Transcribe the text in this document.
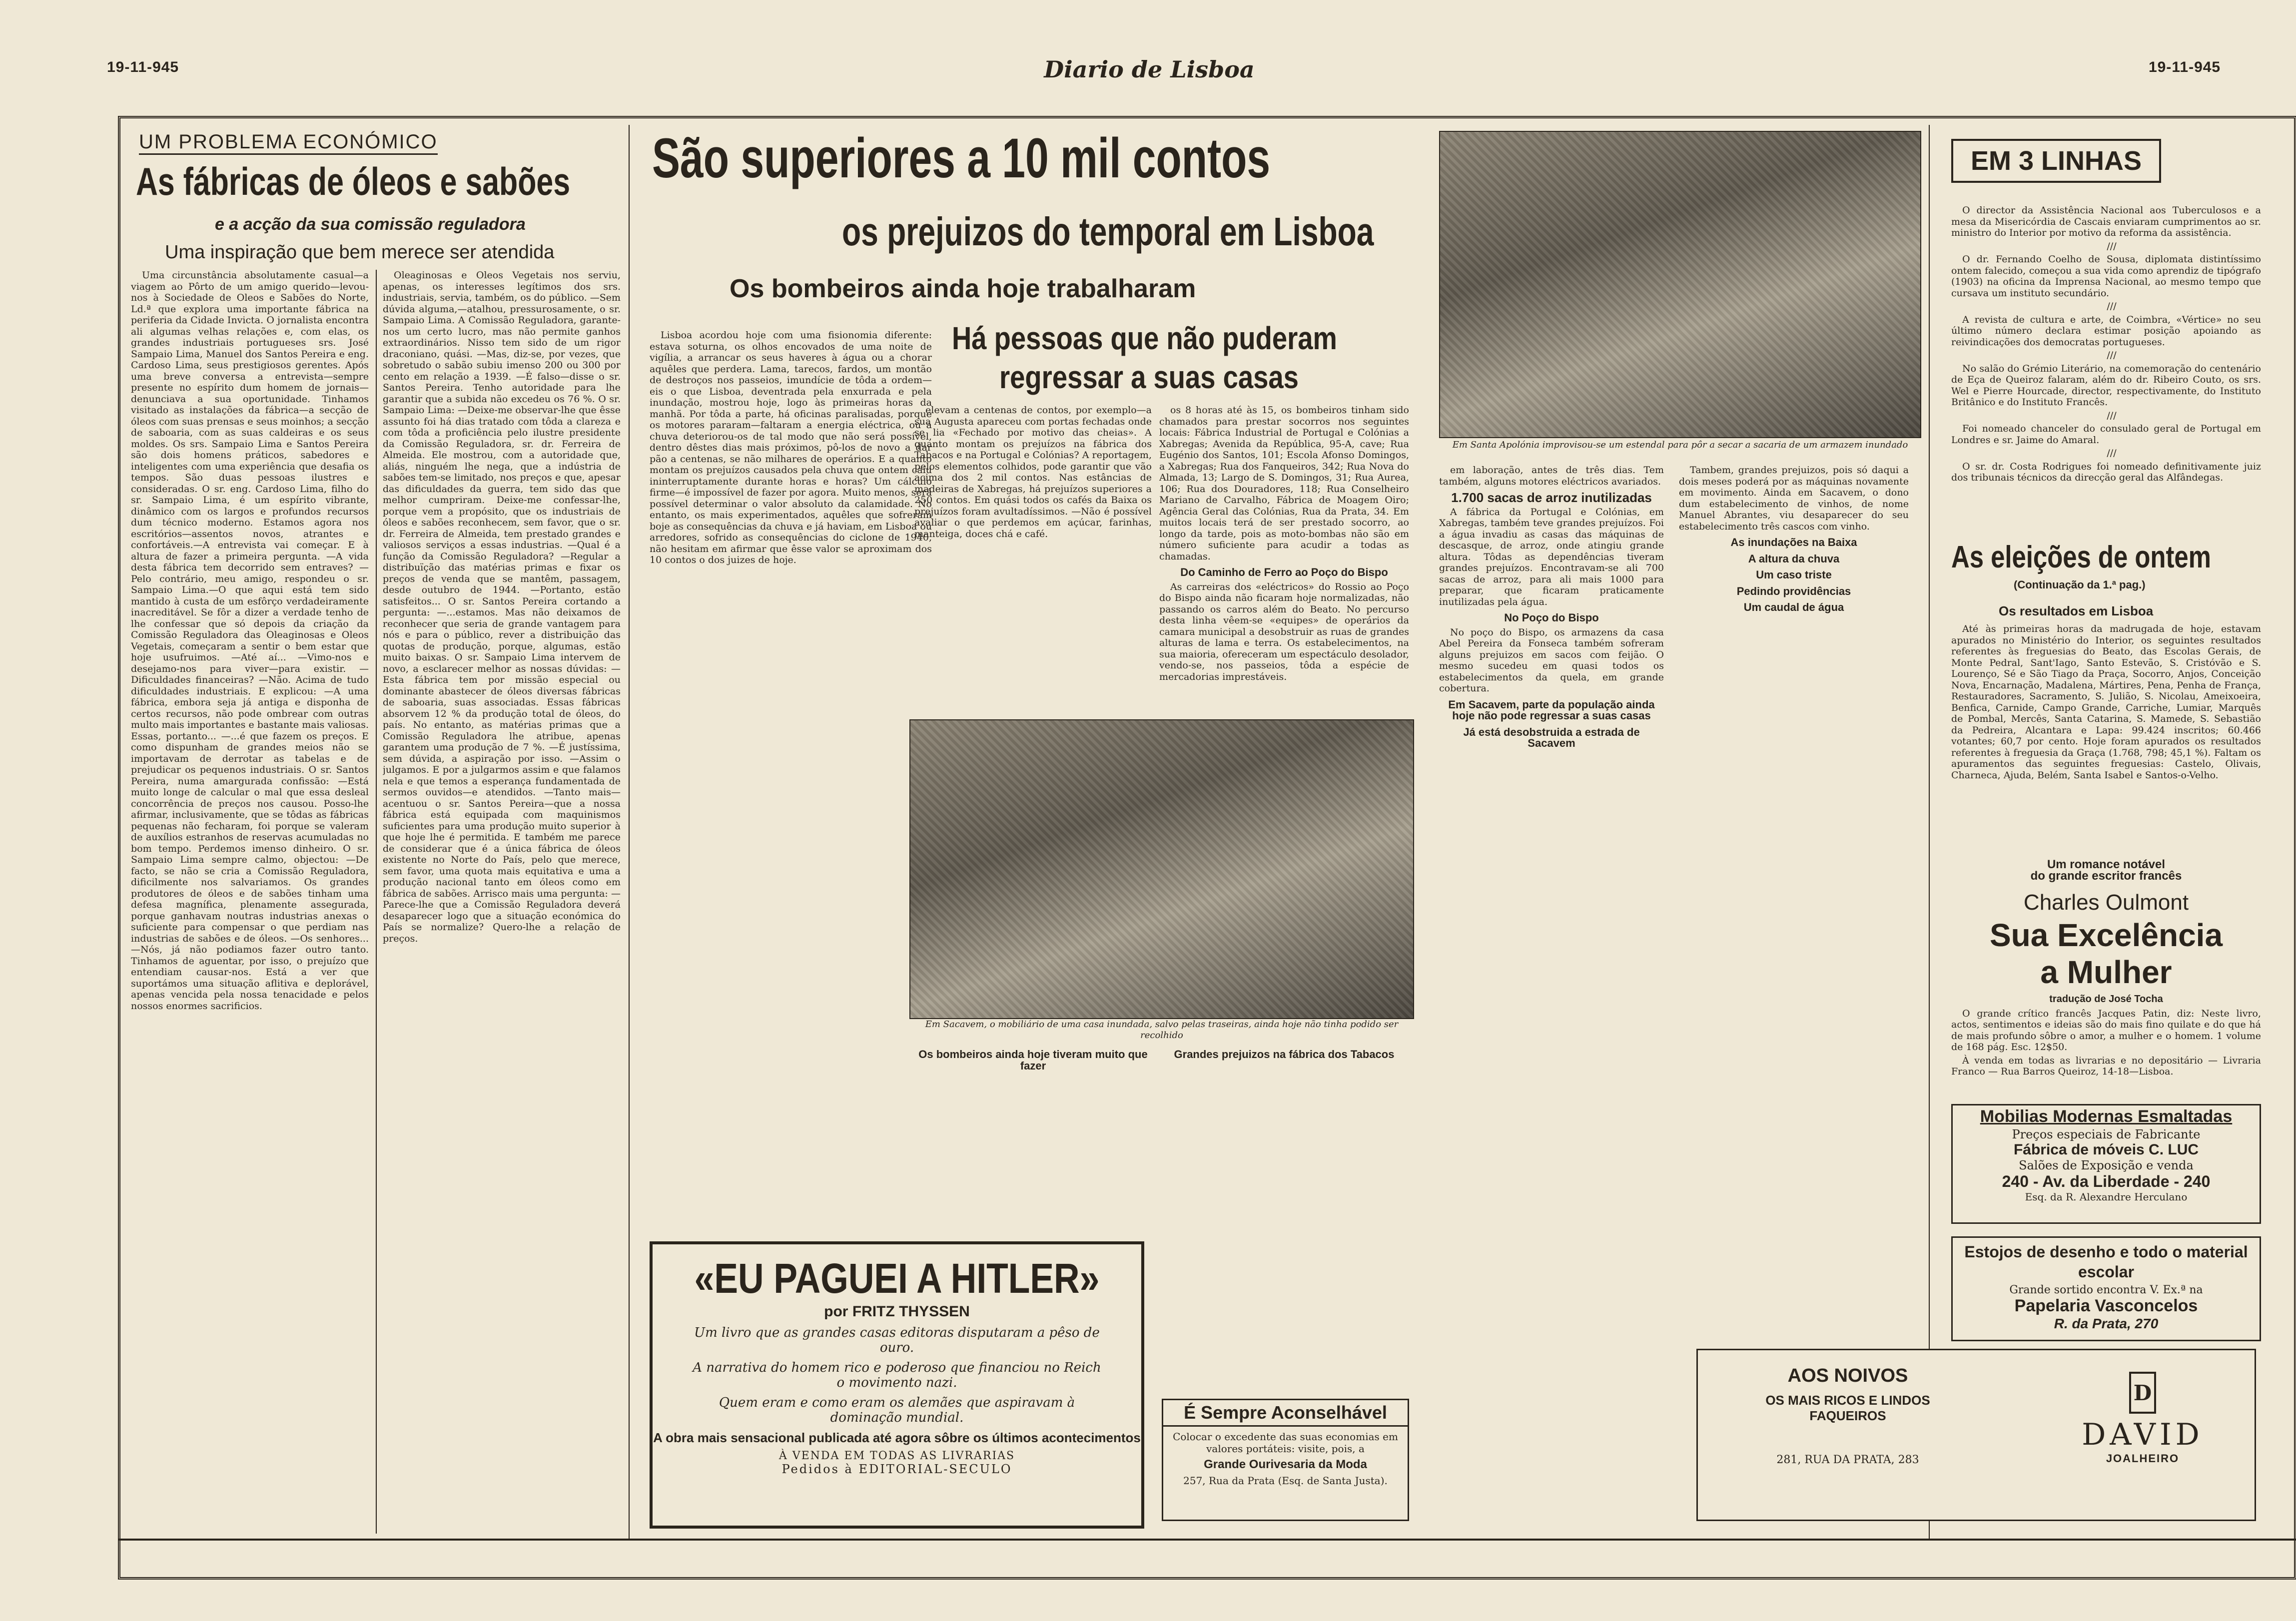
19-11-945	Diario de Lisboa	19-11-945
UM PROBLEMA ECONÓMICO
As fábricas de óleos e sabões
e a acção da sua comissão reguladora
Uma inspiração que bem merece ser atendida

Uma circunstância absolutamente casual—a viagem ao Pôrto de um amigo querido—levou-nos à Sociedade de Oleos e Sabões do Norte, Ld.ª que explora uma importante fábrica na periferia da Cidade Invicta. O jornalista encontra ali algumas velhas relações e, com elas, os grandes industriais portugueses srs. José Sampaio Lima, Manuel dos Santos Pereira e eng. Cardoso Lima, seus prestigiosos gerentes. Após uma breve conversa a entrevista—sempre presente no espírito dum homem de jornais—denunciava a sua oportunidade. Tinhamos visitado as instalações da fábrica—a secção de óleos com suas prensas e seus moinhos; a secção de saboaria, com as suas caldeiras e os seus moldes. Os srs. Sampaio Lima e Santos Pereira são dois homens práticos, sabedores e inteligentes com uma experiência que desafia os tempos. São duas pessoas ilustres e consideradas. O sr. eng. Cardoso Lima, filho do sr. Sampaio Lima, é um espírito vibrante, dinâmico com os largos e profundos recursos dum técnico moderno. Estamos agora nos escritórios—assentos novos, atrantes e confortáveis.—A entrevista vai começar. E à altura de fazer a primeira pergunta. —A vida desta fábrica tem decorrido sem entraves? —Pelo contrário, meu amigo, respondeu o sr. Sampaio Lima.—O que aqui está tem sido mantido à custa de um esfôrço verdadeiramente inacreditável. Se fôr a dizer a verdade tenho de lhe confessar que só depois da criação da Comissão Reguladora das Oleaginosas e Oleos Vegetais, começaram a sentir o bem estar que hoje usufruimos. —Até aí... —Vimo-nos e desejamo-nos para viver—para existir. —Dificuldades financeiras? —Não. Acima de tudo dificuldades industriais. E explicou: —A uma fábrica, embora seja já antiga e disponha de certos recursos, não pode ombrear com outras multo mais importantes e bastante mais valiosas. Essas, portanto... —...é que fazem os preços. E como dispunham de grandes meios não se importavam de derrotar as tabelas e de prejudicar os pequenos industriais. O sr. Santos Pereira, numa amargurada confissão: —Está muito longe de calcular o mal que essa desleal concorrência de preços nos causou. Posso-lhe afirmar, inclusivamente, que se tôdas as fábricas pequenas não fecharam, foi porque se valeram de auxílios estranhos de reservas acumuladas no bom tempo. Perdemos imenso dinheiro. O sr. Sampaio Lima sempre calmo, objectou: —De facto, se não se cria a Comissão Reguladora, dificilmente nos salvariamos. Os grandes produtores de óleos e de sabões tinham uma defesa magnífica, plenamente assegurada, porque ganhavam noutras industrias anexas o suficiente para compensar o que perdiam nas industrias de sabões e de óleos. —Os senhores... —Nós, já não podiamos fazer outro tanto. Tinhamos de aguentar, por isso, o prejuízo que entendiam causar-nos. Está a ver que suportámos uma situação aflitiva e deplorável, apenas vencida pela nossa tenacidade e pelos nossos enormes sacrificios.

Oleaginosas e Oleos Vegetais nos serviu, apenas, os interesses legítimos dos srs. industriais, servia, também, os do público. —Sem dúvida alguma,—atalhou, pressurosamente, o sr. Sampaio Lima. A Comissão Reguladora, garante-nos um certo lucro, mas não permite ganhos extraordinários. Nisso tem sido de um rigor draconiano, quási. —Mas, diz-se, por vezes, que sobretudo o sabão subiu imenso 200 ou 300 por cento em relação a 1939. —É falso—disse o sr. Santos Pereira. Tenho autoridade para lhe garantir que a subida não excedeu os 76 %. O sr. Sampaio Lima: —Deixe-me observar-lhe que êsse assunto foi há dias tratado com tôda a clareza e com tôda a proficiência pelo ilustre presidente da Comissão Reguladora, sr. dr. Ferreira de Almeida. Ele mostrou, com a autoridade que, aliás, ninguém lhe nega, que a indústria de sabões tem-se limitado, nos preços e que, apesar das dificuldades da guerra, tem sido das que melhor cumpriram. Deixe-me confessar-lhe, porque vem a propósito, que os industriais de óleos e sabões reconhecem, sem favor, que o sr. dr. Ferreira de Almeida, tem prestado grandes e valiosos serviços a essas industrias. —Qual é a função da Comissão Reguladora? —Regular a distribuïção das matérias primas e fixar os preços de venda que se mantêm, passagem, desde outubro de 1944. —Portanto, estão satisfeitos... O sr. Santos Pereira cortando a pergunta: —...estamos. Mas não deixamos de reconhecer que seria de grande vantagem para nós e para o público, rever a distribuição das quotas de produção, porque, algumas, estão muito baixas. O sr. Sampaio Lima intervem de novo, a esclarecer melhor as nossas dúvidas: —Esta fábrica tem por missão especial ou dominante abastecer de óleos diversas fábricas de saboaria, suas associadas. Essas fábricas absorvem 12 % da produção total de óleos, do país. No entanto, as matérias primas que a Comissão Reguladora lhe atribue, apenas garantem uma produção de 7 %. —É justíssima, sem dúvida, a aspiração por isso. —Assim o julgamos. E por a julgarmos assim e que falamos nela e que temos a esperança fundamentada de sermos ouvidos—e atendidos. —Tanto mais—acentuou o sr. Santos Pereira—que a nossa fábrica está equipada com maquinismos suficientes para uma produção muito superior à que hoje lhe é permitida. E também me parece de considerar que é a única fábrica de óleos existente no Norte do País, pelo que merece, sem favor, uma quota mais equitativa e uma a produção nacional tanto em óleos como em fábrica de sabões. Arrisco mais uma pergunta: —Parece-lhe que a Comissão Reguladora deverá desaparecer logo que a situação económica do País se normalize? Quero-lhe a relação de preços.

São superiores a 10 mil contos
os prejuizos do temporal em Lisboa
Os bombeiros ainda hoje trabalharam
Há pessoas que não puderam
regressar a suas casas

Lisboa acordou hoje com uma fisionomia diferente: estava soturna, os olhos encovados de uma noite de vigília, a arrancar os seus haveres à água ou a chorar aquêles que perdera. Lama, tarecos, fardos, um montão de destroços nos passeios, imundície de tôda a ordem—eis o que Lisboa, deventrada pela enxurrada e pela inundação, mostrou hoje, logo às primeiras horas da manhã. Por tôda a parte, há oficinas paralisadas, porque os motores pararam—faltaram a energia eléctrica, ou a chuva deteriorou-os de tal modo que não será possível, dentro dêstes dias mais próximos, pô-los de novo a dar pão a centenas, se não milhares de operários. E a quanto montam os prejuízos causados pela chuva que ontem caiu ininterruptamente durante horas e horas? Um cálculo firme—é impossível de fazer por agora. Muito menos, será possível determinar o valor absoluto da calamidade. No entanto, os mais experimentados, aquêles que sofreram boje as consequências da chuva e já haviam, em Lisboa ou arredores, sofrido as consequências do ciclone de 1940, não hesitam em afirmar que êsse valor se aproximam dos 10 contos o dos juizes de hoje.

elevam a centenas de contos, por exemplo—a sua Augusta apareceu com portas fechadas onde se lia «Fechado por motivo das cheias». A quanto montam os prejuízos na fábrica dos Tabacos e na Portugal e Colónias? A reportagem, pelos elementos colhidos, pode garantir que vão acima dos 2 mil contos. Nas estâncias de madeiras de Xabregas, há prejuízos superiores a 250 contos. Em quási todos os cafés da Baixa os prejuízos foram avultadíssimos. —Não é possível avaliar o que perdemos em açúcar, farinhas, manteiga, doces chá e café.

os 8 horas até às 15, os bombeiros tinham sido chamados para prestar socorros nos seguintes locais: Fábrica Industrial de Portugal e Colónias a Xabregas; Avenida da República, 95-A, cave; Rua Eugénio dos Santos, 101; Escola Afonso Domingos, a Xabregas; Rua dos Fanqueiros, 342; Rua Nova do Almada, 13; Largo de S. Domingos, 31; Rua Aurea, 106; Rua dos Douradores, 118; Rua Conselheiro Mariano de Carvalho, Fábrica de Moagem Oiro; Agência Geral das Colónias, Rua da Prata, 34. Em muitos locais terá de ser prestado socorro, ao longo da tarde, pois as moto-bombas não são em número suficiente para acudir a todas as chamadas.

Do Caminho de Ferro ao Poço do Bispo

As carreiras dos «eléctricos» do Rossio ao Poço do Bispo ainda não ficaram hoje normalizadas, não passando os carros além do Beato. No percurso desta linha vêem-se «equipes» de operários da camara municipal a desobstruir as ruas de grandes alturas de lama e terra. Os estabelecimentos, na sua maioria, ofereceram um espectáculo desolador, vendo-se, nos passeios, tôda a espécie de mercadorias imprestáveis.

Em Sacavem, o mobiliário de uma casa inundada, salvo pelas traseiras, ainda hoje não tinha podido ser recolhido
Os bombeiros ainda hoje tiveram muito que fazer
Grandes prejuizos na fábrica dos Tabacos
Em Santa Apolónia improvisou-se um estendal para pôr a secar a sacaria de um armazem inundado

em laboração, antes de três dias. Tem também, alguns motores eléctricos avariados.

1.700 sacas de arroz inutilizadas

A fábrica da Portugal e Colónias, em Xabregas, também teve grandes prejuízos. Foi a água invadiu as casas das máquinas de descasque, de arroz, onde atingiu grande altura. Tôdas as dependências tiveram grandes prejuízos. Encontravam-se ali 700 sacas de arroz, para ali mais 1000 para preparar, que ficaram praticamente inutilizadas pela água.

No Poço do Bispo

No poço do Bispo, os armazens da casa Abel Pereira da Fonseca também sofreram alguns prejuizos em sacos com feijão. O mesmo sucedeu em quasi todos os estabelecimentos da quela, em grande cobertura.

Em Sacavem, parte da população ainda hoje não pode regressar a suas casas
Já está desobstruida a estrada de Sacavem

Tambem, grandes prejuizos, pois só daqui a dois meses poderá por as máquinas novamente em movimento. Ainda em Sacavem, o dono dum estabelecimento de vinhos, de nome Manuel Abrantes, viu desaparecer do seu estabelecimento três cascos com vinho.

As inundações na Baixa
A altura da chuva
Um caso triste
Pedindo providências
Um caudal de água
EM 3 LINHAS

O director da Assistência Nacional aos Tuberculosos e a mesa da Misericórdia de Cascais enviaram cumprimentos ao sr. ministro do Interior por motivo da reforma da assistência.

///

O dr. Fernando Coelho de Sousa, diplomata distintíssimo ontem falecido, começou a sua vida como aprendiz de tipógrafo (1903) na oficina da Imprensa Nacional, ao mesmo tempo que cursava um instituto secundário.

///

A revista de cultura e arte, de Coimbra, «Vértice» no seu último número declara estimar posição apoiando as reivindicações dos democratas portugueses.

///

No salão do Grémio Literário, na comemoração do centenário de Eça de Queiroz falaram, além do dr. Ribeiro Couto, os srs. Wel e Pierre Hourcade, director, respectivamente, do Instituto Britânico e do Instituto Francês.

///

Foi nomeado chanceler do consulado geral de Portugal em Londres e sr. Jaime do Amaral.

///

O sr. dr. Costa Rodrigues foi nomeado definitivamente juiz dos tribunais técnicos da direcção geral das Alfândegas.

As eleições de ontem
(Continuação da 1.ª pag.)
Os resultados em Lisboa

Até às primeiras horas da madrugada de hoje, estavam apurados no Ministério do Interior, os seguintes resultados referentes às freguesias do Beato, das Escolas Gerais, de Monte Pedral, Sant'Iago, Santo Estevão, S. Cristóvão e S. Lourenço, Sé e São Tiago da Praça, Socorro, Anjos, Conceição Nova, Encarnação, Madalena, Mártires, Pena, Penha de França, Restauradores, Sacramento, S. Julião, S. Nicolau, Ameixoeira, Benfica, Carnide, Campo Grande, Carriche, Lumiar, Marquês de Pombal, Mercês, Santa Catarina, S. Mamede, S. Sebastião da Pedreira, Alcantara e Lapa: 99.424 inscritos; 60.466 votantes; 60,7 por cento. Hoje foram apurados os resultados referentes à freguesia da Graça (1.768, 798; 45,1 %). Faltam os apuramentos das seguintes freguesias: Castelo, Olivais, Charneca, Ajuda, Belém, Santa Isabel e Santos-o-Velho.

Um romance notável
do grande escritor francês
Charles Oulmont
Sua Excelência
a Mulher
tradução de José Tocha

O grande crítico francês Jacques Patin, diz: Neste livro, actos, sentimentos e ideias são do mais fino quilate e do que há de mais profundo sôbre o amor, a mulher e o homem. 1 volume de 168 pág. Esc. 12$50.

À venda em todas as livrarias e no depositário — Livraria Franco — Rua Barros Queiroz, 14-18—Lisboa.

Mobilias Modernas Esmaltadas
Preços especiais de Fabricante
Fábrica de móveis C. LUC
Salões de Exposição e venda
240 - Av. da Liberdade - 240
Esq. da R. Alexandre Herculano
Estojos de desenho e todo o material escolar
Grande sortido encontra V. Ex.ª na
Papelaria Vasconcelos
R. da Prata, 270
AOS NOIVOS
OS MAIS RICOS E LINDOS
FAQUEIROS
281, RUA DA PRATA, 283
D
DAVID
JOALHEIRO
«EU PAGUEI A HITLER»
por FRITZ THYSSEN
Um livro que as grandes casas editoras disputaram a pêso de ouro.
A narrativa do homem rico e poderoso que financiou no Reich o movimento nazi.
Quem eram e como eram os alemães que aspiravam à dominação mundial.
A obra mais sensacional publicada até agora sôbre os últimos acontecimentos
À VENDA EM TODAS AS LIVRARIAS
Pedidos à EDITORIAL-SECULO
É Sempre Aconselhável
Colocar o excedente das suas economias em valores portáteis: visite, pois, a
Grande Ourivesaria da Moda
257, Rua da Prata (Esq. de Santa Justa).
